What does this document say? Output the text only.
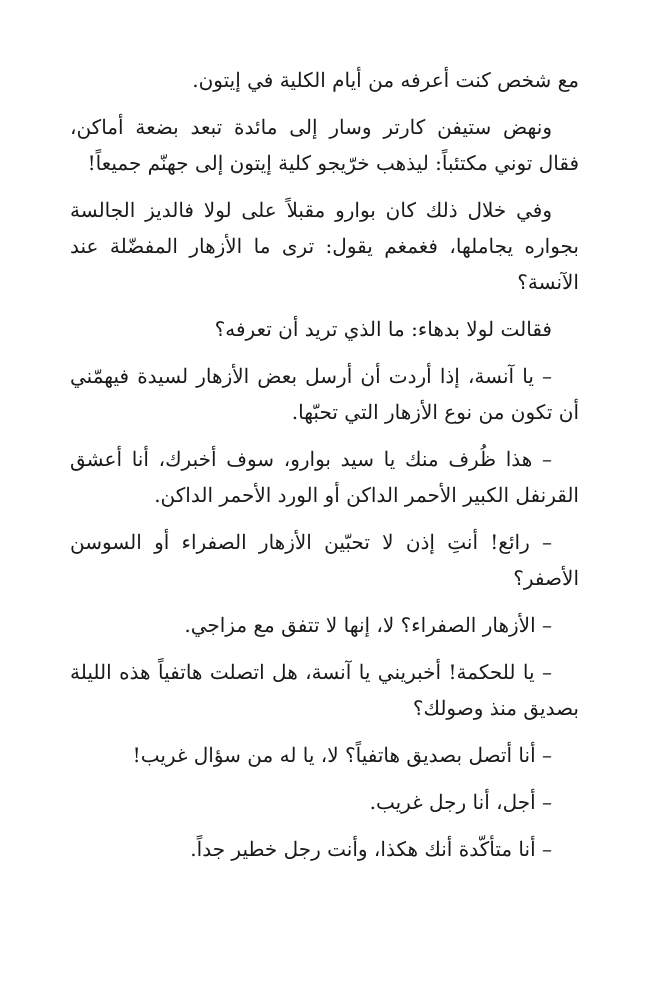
مع شخص كنت أعرفه من أيام الكلية في إيتون.

ونهض ستيفن كارتر وسار إلى مائدة تبعد بضعة أماكن، فقال توني مكتئباً: ليذهب خرّيجو كلية إيتون إلى جهنّم جميعاً!

وفي خلال ذلك كان بوارو مقبلاً على لولا فالديز الجالسة بجواره يجاملها، فغمغم يقول: ترى ما الأزهار المفضّلة عند الآنسة؟

فقالت لولا بدهاء: ما الذي تريد أن تعرفه؟

– يا آنسة، إذا أردت أن أرسل بعض الأزهار لسيدة فيهمّني أن تكون من نوع الأزهار التي تحبّها.

– هذا ظُرف منك يا سيد بوارو، سوف أخبرك، أنا أعشق القرنفل الكبير الأحمر الداكن أو الورد الأحمر الداكن.

– رائع! أنتِ إذن لا تحبّين الأزهار الصفراء أو السوسن الأصفر؟

– الأزهار الصفراء؟ لا، إنها لا تتفق مع مزاجي.

– يا للحكمة! أخبريني يا آنسة، هل اتصلت هاتفياً هذه الليلة بصديق منذ وصولك؟

– أنا أتصل بصديق هاتفياً؟ لا، يا له من سؤال غريب!

– أجل، أنا رجل غريب.

– أنا متأكّدة أنك هكذا، وأنت رجل خطير جداً.
